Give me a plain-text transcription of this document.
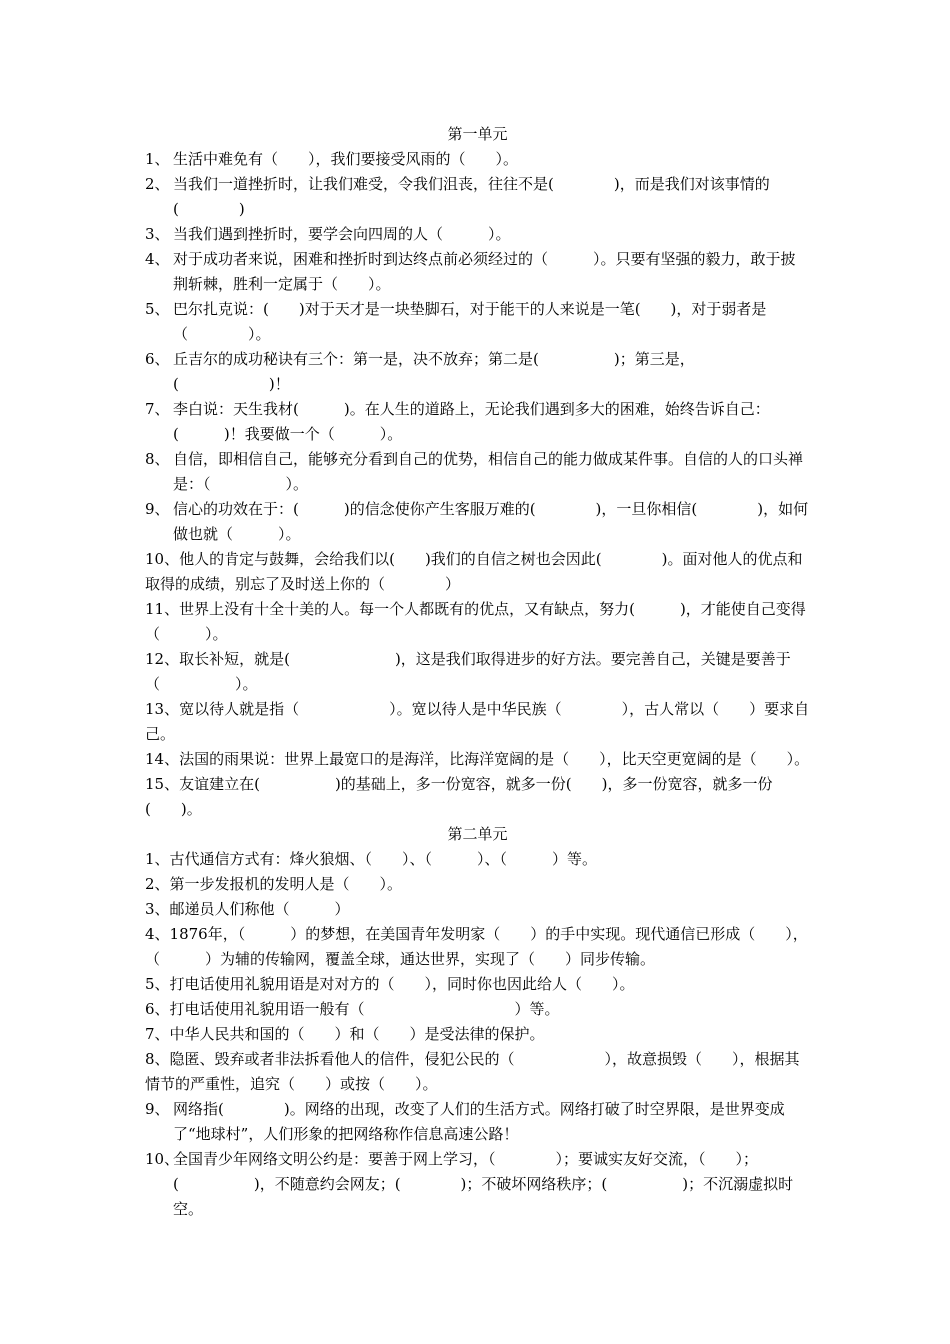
第一单元
1、 生活中难免有（　　），我们要接受风雨的（　　）。
2、 当我们一道挫折时，让我们难受，令我们沮丧，往往不是(　　　　)，而是我们对该事情的(　　　　)
3、 当我们遇到挫折时，要学会向四周的人（　　　）。
4、 对于成功者来说，困难和挫折时到达终点前必须经过的（　　　）。只要有坚强的毅力，敢于披荆斩棘，胜利一定属于（　　）。
5、 巴尔扎克说：(　　)对于天才是一块垫脚石，对于能干的人来说是一笔(　　)，对于弱者是（　　　　）。
6、 丘吉尔的成功秘诀有三个：第一是，决不放弃；第二是(　　　　　)；第三是，(　　　　　　)！
7、 李白说：天生我材(　　　)。在人生的道路上，无论我们遇到多大的困难，始终告诉自己：(　　　)！我要做一个（　　　）。
8、 自信，即相信自己，能够充分看到自己的优势，相信自己的能力做成某件事。自信的人的口头禅是：（　　　　　）。
9、 信心的功效在于：(　　　)的信念使你产生客服万难的(　　　　)，一旦你相信(　　　　)，如何做也就（　　　）。
10、他人的肯定与鼓舞，会给我们以(　　)我们的自信之树也会因此(　　　　)。面对他人的优点和取得的成绩，别忘了及时送上你的（　　　　）
11、世界上没有十全十美的人。每一个人都既有的优点，又有缺点，努力(　　　)，才能使自己变得（　　　）。
12、取长补短，就是(　　　　　　　)，这是我们取得进步的好方法。要完善自己，关键是要善于（　　　　　）。
13、宽以待人就是指（　　　　　　）。宽以待人是中华民族（　　　　），古人常以（　　）要求自己。
14、法国的雨果说：世界上最宽口的是海洋，比海洋宽阔的是（　　），比天空更宽阔的是（　　）。
15、友谊建立在(　　　　　)的基础上，多一份宽容，就多一份(　　)，多一份宽容，就多一份(　　)。
第二单元
1、古代通信方式有：烽火狼烟、（　　）、（　　　）、（　　　）等。
2、第一步发报机的发明人是（　　）。
3、邮递员人们称他（　　　）
4、1876年，（　　　）的梦想，在美国青年发明家（　　）的手中实现。现代通信已形成（　　），（　　　）为辅的传输网，覆盖全球，通达世界，实现了（　　）同步传输。
5、打电话使用礼貌用语是对对方的（　　），同时你也因此给人（　　）。
6、打电话使用礼貌用语一般有（　　　　　　　　　　）等。
7、中华人民共和国的（　　）和（　　）是受法律的保护。
8、隐匿、毁弃或者非法拆看他人的信件，侵犯公民的（　　　　　　），故意损毁（　　），根据其情节的严重性，追究（　　）或按（　　）。
9、 网络指(　　　　)。网络的出现，改变了人们的生活方式。网络打破了时空界限，是世界变成了“地球村”，人们形象的把网络称作信息高速公路！
10、
全国青少年网络文明公约是：要善于网上学习，（　　　　）；要诚实友好交流，（　　）；(　　　　　)，不随意约会网友；(　　　　)；不破坏网络秩序；(　　　　　)；不沉溺虚拟时空。
